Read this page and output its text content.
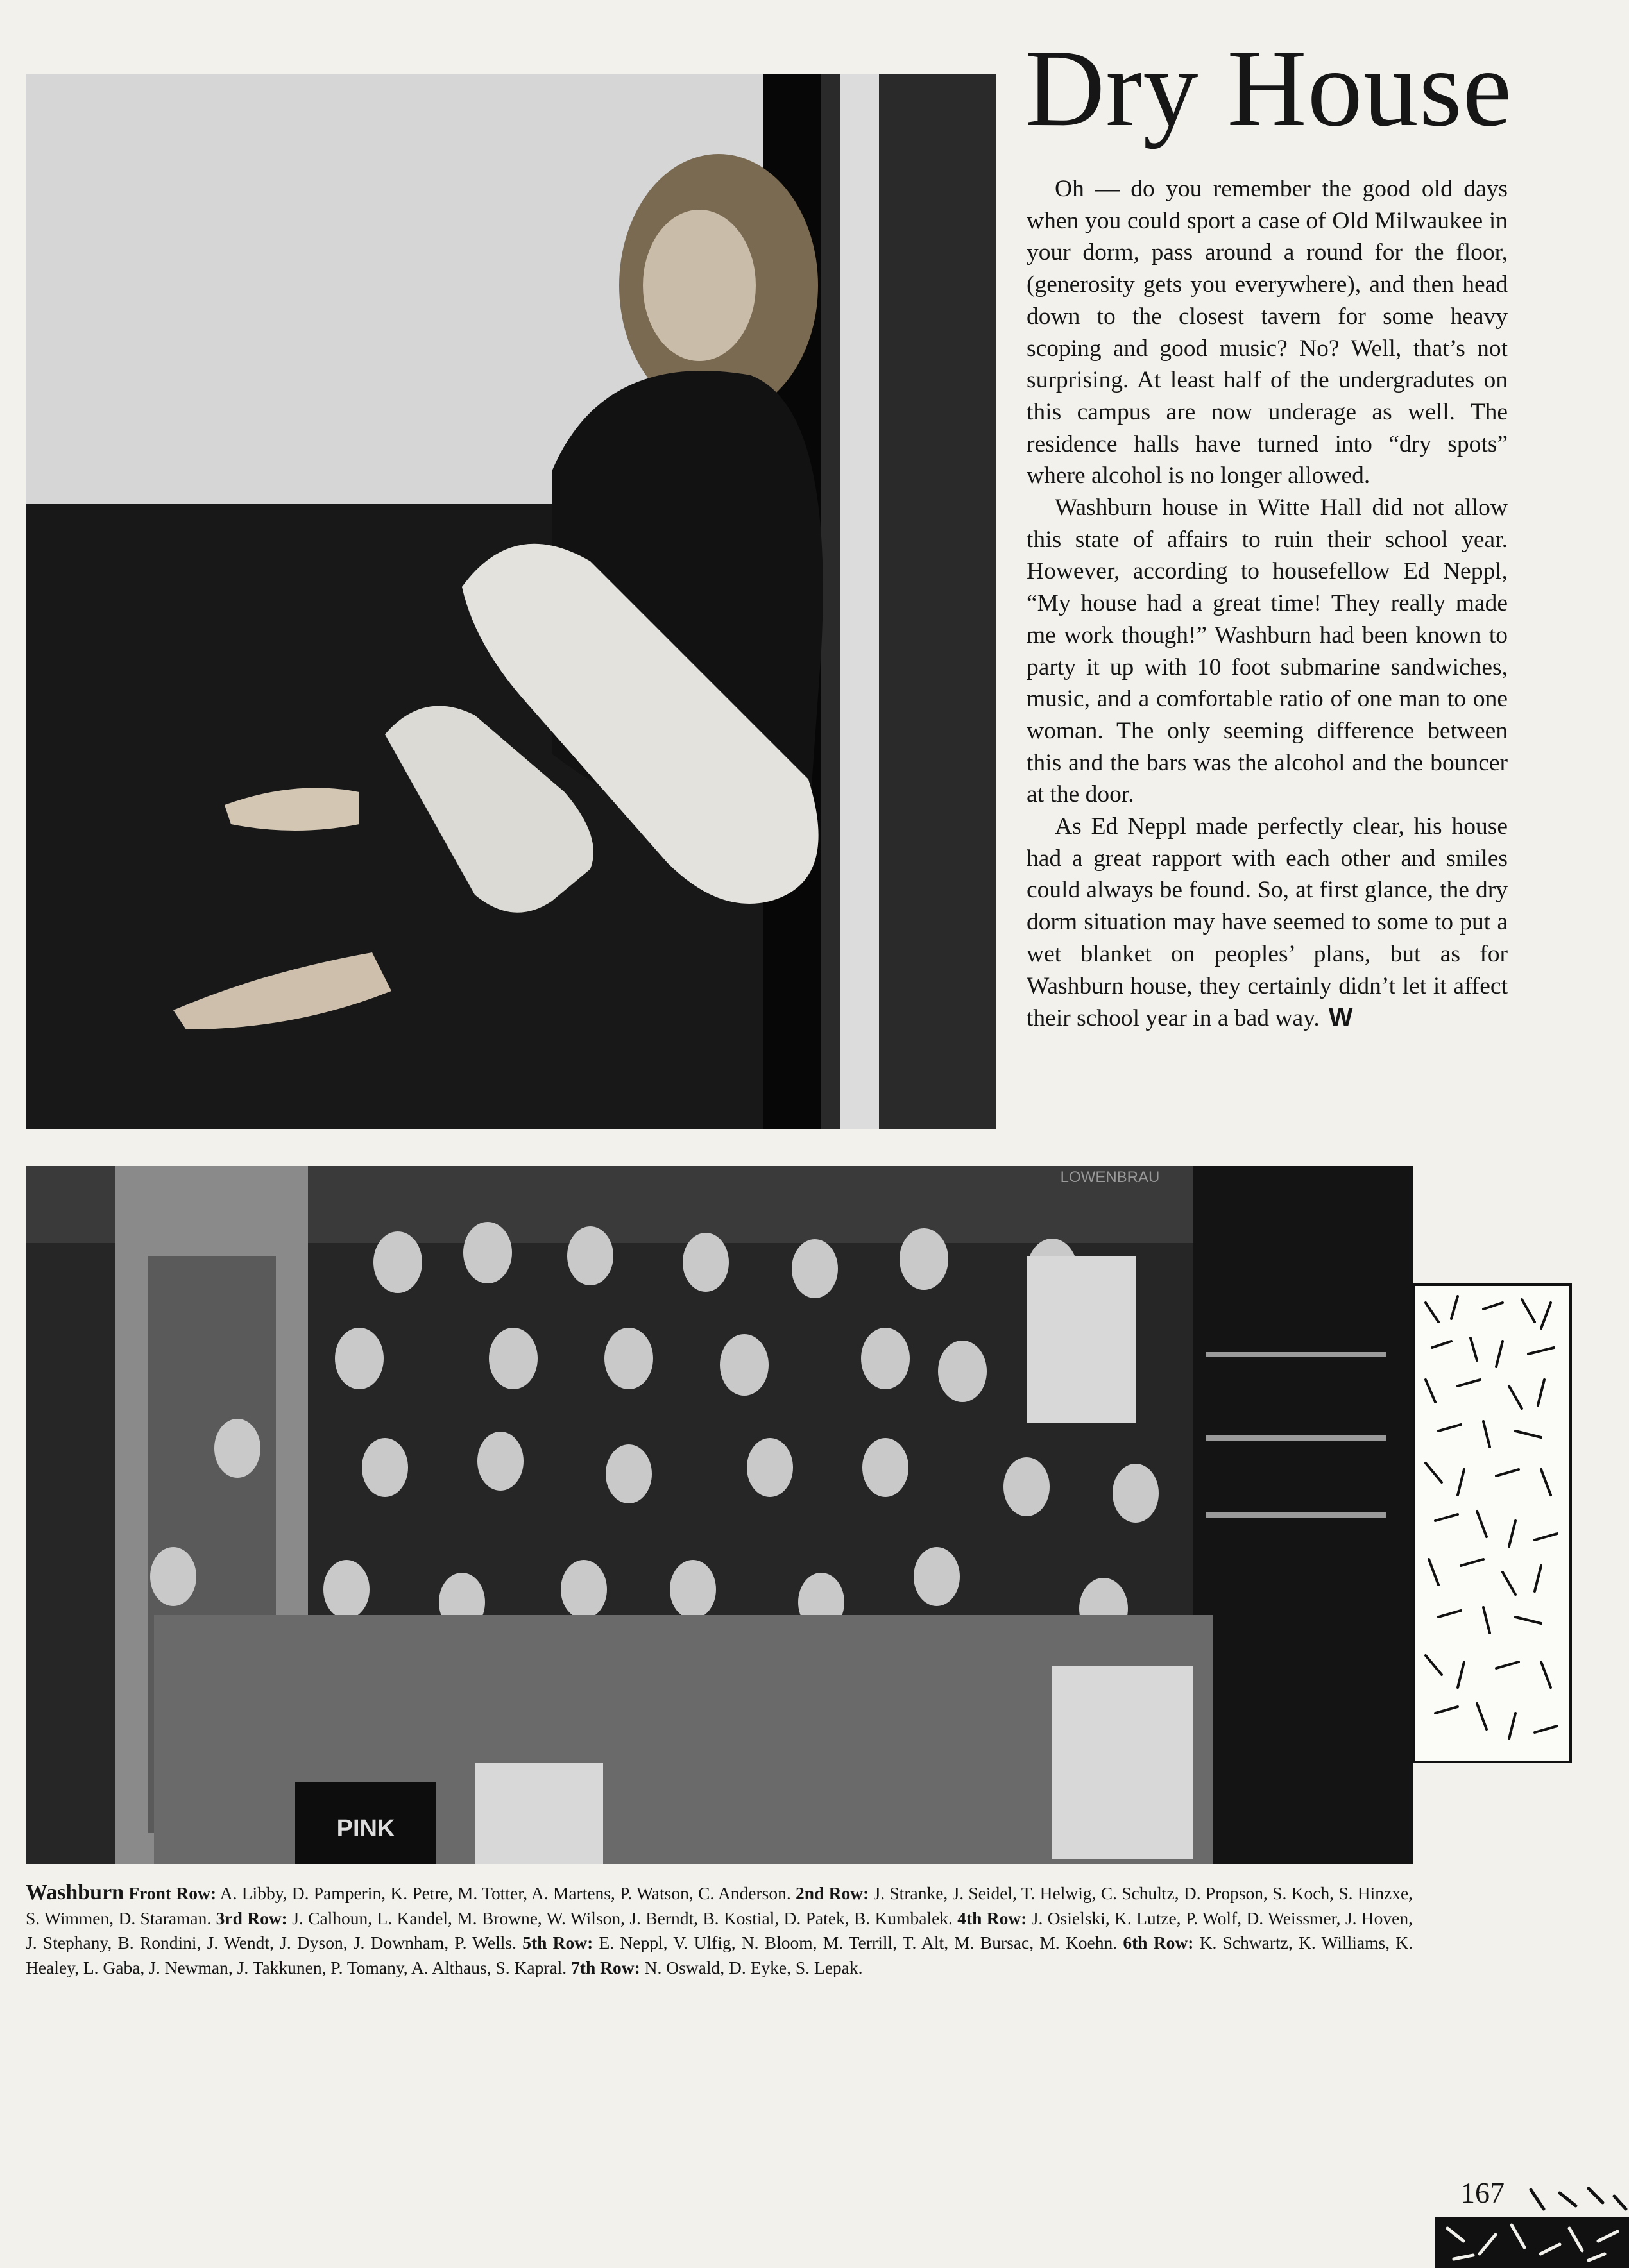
Dry House

Oh — do you remember the good old days when you could sport a case of Old Milwaukee in your dorm, pass around a round for the floor, (generosity gets you everywhere), and then head down to the closest tavern for some heavy scoping and good music? No? Well, that’s not surprising. At least half of the undergradutes on this campus are now underage as well. The residence halls have turned into “dry spots” where alcohol is no longer allowed.

Washburn house in Witte Hall did not allow this state of affairs to ruin their school year. However, according to housefellow Ed Neppl, “My house had a great time! They really made me work though!” Washburn had been known to party it up with 10 foot submarine sandwiches, music, and a comfortable ratio of one man to one woman. The only seeming difference between this and the bars was the alcohol and the bouncer at the door.

As Ed Neppl made perfectly clear, his house had a great rapport with each other and smiles could always be found. So, at first glance, the dry dorm situation may have seemed to some to put a wet blanket on peoples’ plans, but as for Washburn house, they certainly didn’t let it affect their school year in a bad way. W

PINK
LOWENBRAU
Washburn Front Row: A. Libby, D. Pamperin, K. Petre, M. Totter, A. Martens, P. Watson, C. Anderson. 2nd Row: J. Stranke, J. Seidel, T. Helwig, C. Schultz, D. Propson, S. Koch, S. Hinzxe, S. Wimmen, D. Staraman. 3rd Row: J. Calhoun, L. Kandel, M. Browne, W. Wilson, J. Berndt, B. Kostial, D. Patek, B. Kumbalek. 4th Row: J. Osielski, K. Lutze, P. Wolf, D. Weissmer, J. Hoven, J. Stephany, B. Rondini, J. Wendt, J. Dyson, J. Downham, P. Wells. 5th Row: E. Neppl, V. Ulfig, N. Bloom, M. Terrill, T. Alt, M. Bursac, M. Koehn. 6th Row: K. Schwartz, K. Williams, K. Healey, L. Gaba, J. Newman, J. Takkunen, P. Tomany, A. Althaus, S. Kapral. 7th Row: N. Oswald, D. Eyke, S. Lepak.
167
